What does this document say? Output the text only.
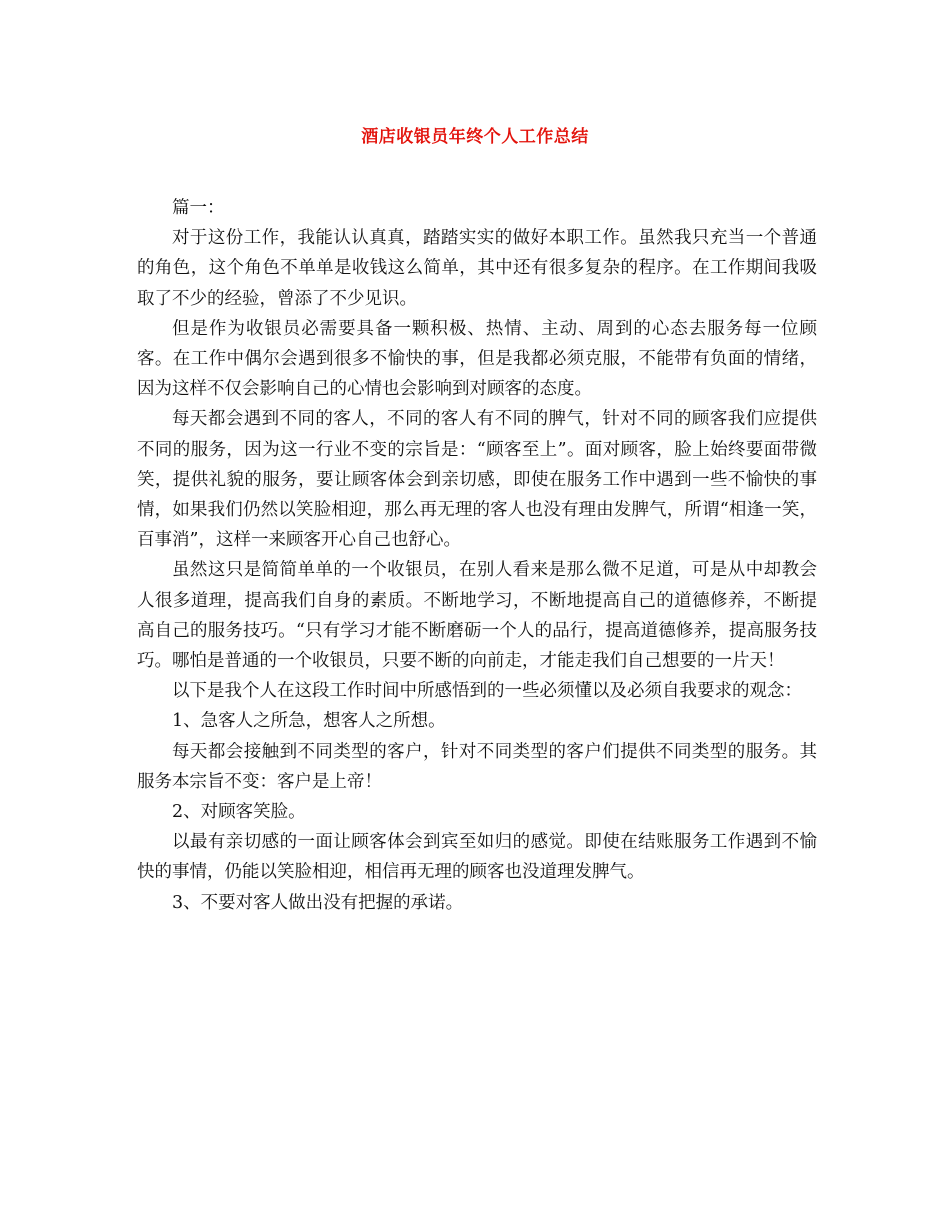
酒店收银员年终个人工作总结

篇一：

对于这份工作，我能认认真真，踏踏实实的做好本职工作。虽然我只充当一个普通的角色，这个角色不单单是收钱这么简单，其中还有很多复杂的程序。在工作期间我吸取了不少的经验，曾添了不少见识。

但是作为收银员必需要具备一颗积极、热情、主动、周到的心态去服务每一位顾客。在工作中偶尔会遇到很多不愉快的事，但是我都必须克服，不能带有负面的情绪，因为这样不仅会影响自己的心情也会影响到对顾客的态度。

每天都会遇到不同的客人，不同的客人有不同的脾气，针对不同的顾客我们应提供不同的服务，因为这一行业不变的宗旨是：“顾客至上”。面对顾客，脸上始终要面带微笑，提供礼貌的服务，要让顾客体会到亲切感，即使在服务工作中遇到一些不愉快的事情，如果我们仍然以笑脸相迎，那么再无理的客人也没有理由发脾气，所谓“相逢一笑，百事消”，这样一来顾客开心自己也舒心。

虽然这只是简简单单的一个收银员，在别人看来是那么微不足道，可是从中却教会人很多道理，提高我们自身的素质。不断地学习，不断地提高自己的道德修养，不断提高自己的服务技巧。“只有学习才能不断磨砺一个人的品行，提高道德修养，提高服务技巧。哪怕是普通的一个收银员，只要不断的向前走，才能走我们自己想要的一片天！

以下是我个人在这段工作时间中所感悟到的一些必须懂以及必须自我要求的观念：

1、急客人之所急，想客人之所想。

每天都会接触到不同类型的客户，针对不同类型的客户们提供不同类型的服务。其服务本宗旨不变：客户是上帝！

2、对顾客笑脸。

以最有亲切感的一面让顾客体会到宾至如归的感觉。即使在结账服务工作遇到不愉快的事情，仍能以笑脸相迎，相信再无理的顾客也没道理发脾气。

3、不要对客人做出没有把握的承诺。
